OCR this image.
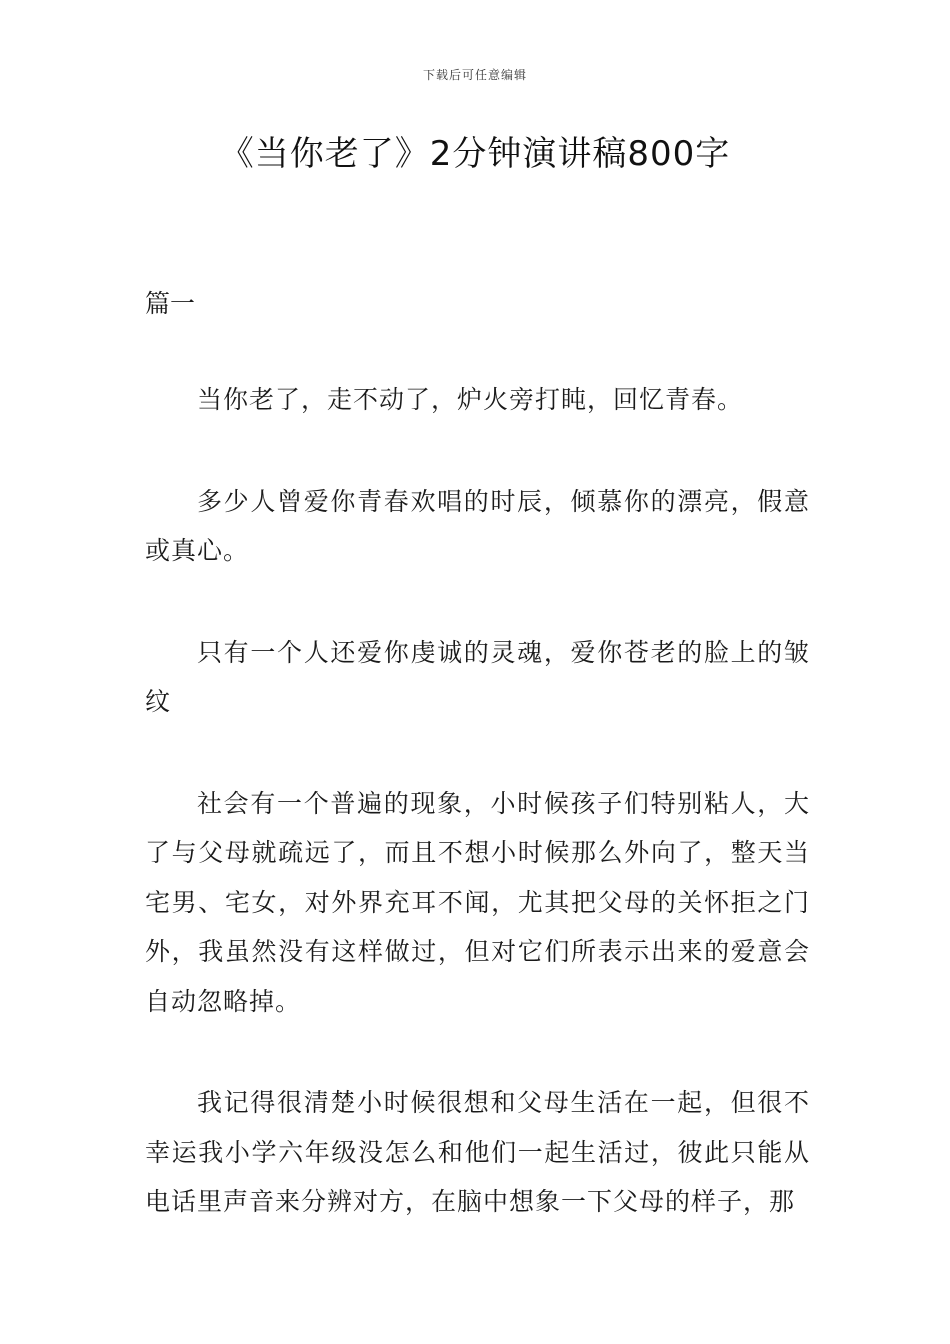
下载后可任意编辑
《当你老了》2分钟演讲稿800字

篇一

当你老了，走不动了，炉火旁打盹，回忆青春。

多少人曾爱你青春欢唱的时辰，倾慕你的漂亮，假意或真心。

只有一个人还爱你虔诚的灵魂，爱你苍老的脸上的皱纹

社会有一个普遍的现象，小时候孩子们特别粘人，大了与父母就疏远了，而且不想小时候那么外向了，整天当宅男、宅女，对外界充耳不闻，尤其把父母的关怀拒之门外，我虽然没有这样做过，但对它们所表示出来的爱意会自动忽略掉。

我记得很清楚小时候很想和父母生活在一起，但很不幸运我小学六年级没怎么和他们一起生活过，彼此只能从电话里声音来分辨对方，在脑中想象一下父母的样子，那
